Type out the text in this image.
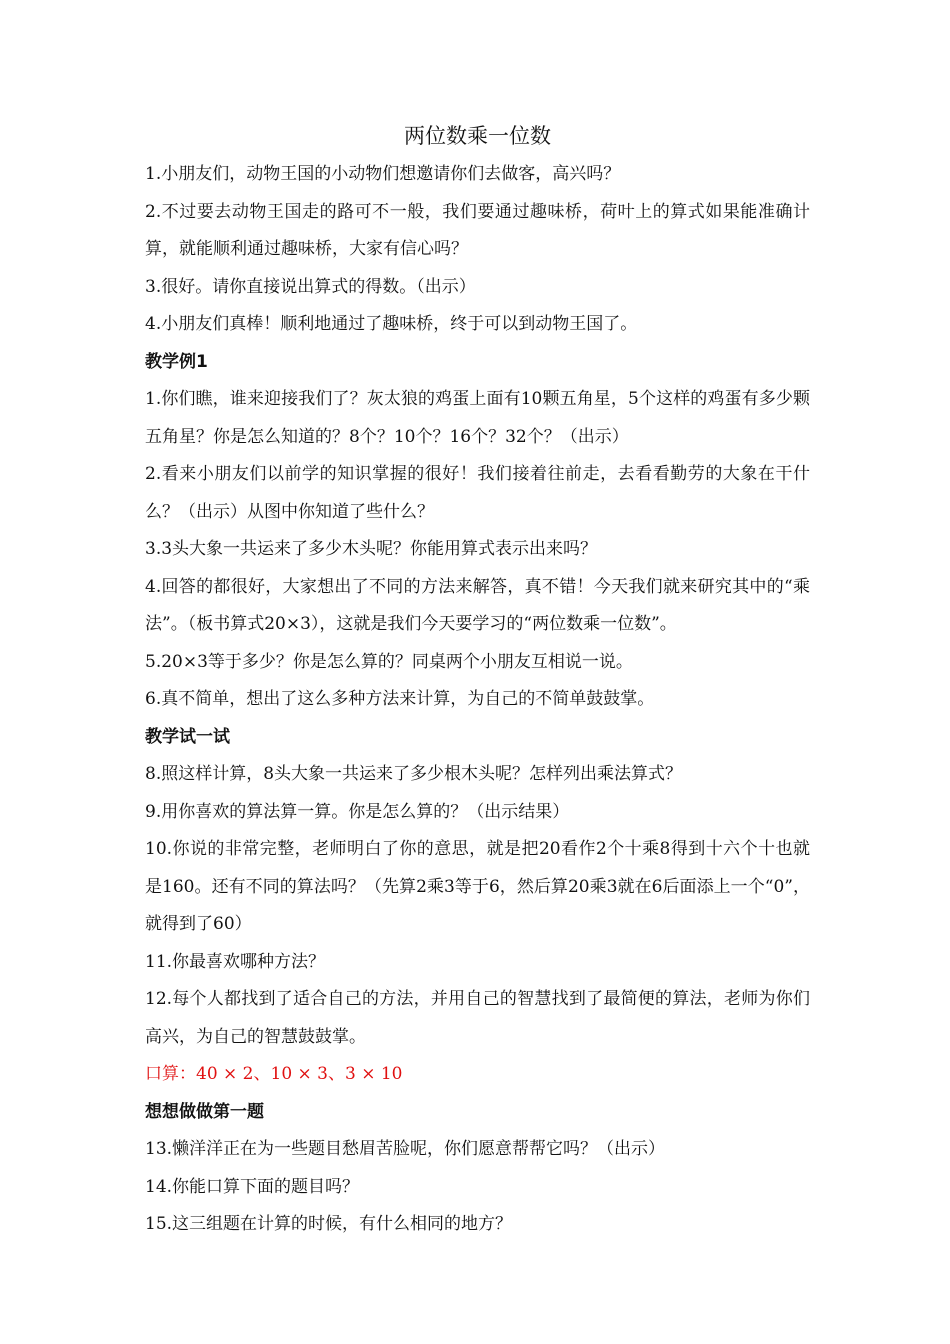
两位数乘一位数

1.小朋友们，动物王国的小动物们想邀请你们去做客，高兴吗？

2.不过要去动物王国走的路可不一般，我们要通过趣味桥，荷叶上的算式如果能准确计算，就能顺利通过趣味桥，大家有信心吗？

3.很好。请你直接说出算式的得数。（出示）

4.小朋友们真棒！顺利地通过了趣味桥，终于可以到动物王国了。

教学例1

1.你们瞧，谁来迎接我们了？灰太狼的鸡蛋上面有10颗五角星，5个这样的鸡蛋有多少颗五角星？你是怎么知道的？8个？10个？16个？32个？（出示）

2.看来小朋友们以前学的知识掌握的很好！我们接着往前走，去看看勤劳的大象在干什么？（出示）从图中你知道了些什么？

3.3头大象一共运来了多少木头呢？你能用算式表示出来吗？

4.回答的都很好，大家想出了不同的方法来解答，真不错！今天我们就来研究其中的“乘法”。（板书算式20×3），这就是我们今天要学习的“两位数乘一位数”。

5.20×3等于多少？你是怎么算的？同桌两个小朋友互相说一说。

6.真不简单，想出了这么多种方法来计算，为自己的不简单鼓鼓掌。

教学试一试

8.照这样计算，8头大象一共运来了多少根木头呢？怎样列出乘法算式？

9.用你喜欢的算法算一算。你是怎么算的？（出示结果）

10.你说的非常完整，老师明白了你的意思，就是把20看作2个十乘8得到十六个十也就是160。还有不同的算法吗？（先算2乘3等于6，然后算20乘3就在6后面添上一个“0”，就得到了60）

11.你最喜欢哪种方法？

12.每个人都找到了适合自己的方法，并用自己的智慧找到了最简便的算法，老师为你们高兴，为自己的智慧鼓鼓掌。

口算：40 × 2、10 × 3、3 × 10

想想做做第一题

13.懒洋洋正在为一些题目愁眉苦脸呢，你们愿意帮帮它吗？（出示）

14.你能口算下面的题目吗？

15.这三组题在计算的时候，有什么相同的地方？
